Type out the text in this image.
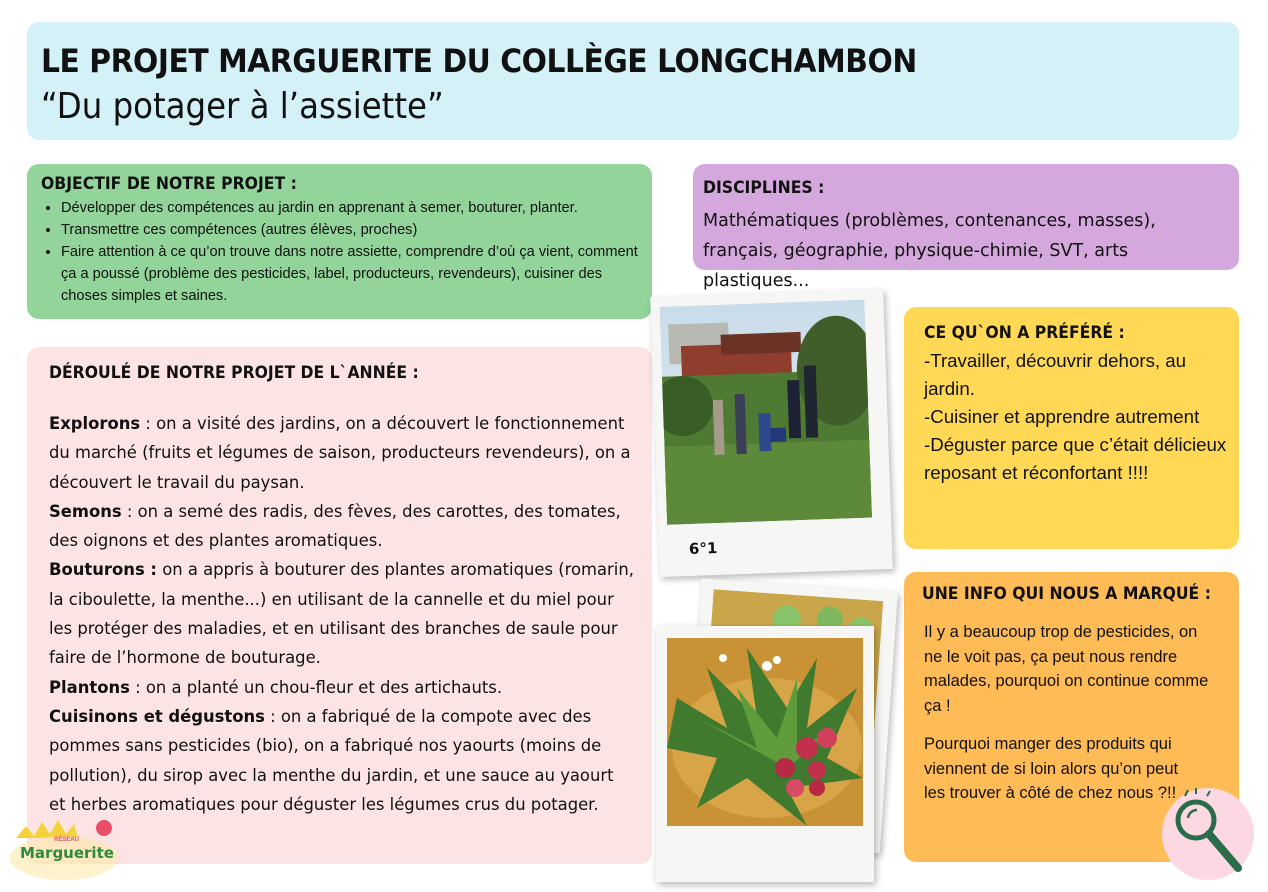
LE PROJET MARGUERITE DU COLLÈGE LONGCHAMBON
“Du potager à l’assiette”
OBJECTIF DE NOTRE PROJET :
• Développer des compétences au jardin en apprenant à semer, bouturer, planter.
• Transmettre ces compétences (autres élèves, proches)
• Faire attention à ce qu’on trouve dans notre assiette, comprendre d’où ça vient, comment ça a poussé (problème des pesticides, label, producteurs, revendeurs), cuisiner des choses simples et saines.
DISCIPLINES :
Mathématiques (problèmes, contenances, masses), français, géographie, physique-chimie, SVT, arts plastiques...
DÉROULÉ DE NOTRE PROJET DE L`ANNÉE :

Explorons : on a visité des jardins, on a découvert le fonctionnement du marché (fruits et légumes de saison, producteurs revendeurs), on a découvert le travail du paysan.

Semons : on a semé des radis, des fèves, des carottes, des tomates, des oignons et des plantes aromatiques.

Bouturons : on a appris à bouturer des plantes aromatiques (romarin, la ciboulette, la menthe...) en utilisant de la cannelle et du miel pour les protéger des maladies, et en utilisant des branches de saule pour faire de l’hormone de bouturage.

Plantons : on a planté un chou-fleur et des artichauts.

Cuisinons et dégustons : on a fabriqué de la compote avec des pommes sans pesticides (bio), on a fabriqué nos yaourts (moins de pollution), du sirop avec la menthe du jardin, et une sauce au yaourt et herbes aromatiques pour déguster les légumes crus du potager.

CE QU`ON A PRÉFÉRÉ :
-Travailler, découvrir dehors, au jardin.
-Cuisiner et apprendre autrement
-Déguster parce que c’était délicieux reposant et réconfortant !!!!
UNE INFO QUI NOUS A MARQUÉ :

Il y a beaucoup trop de pesticides, on ne le voit pas, ça peut nous rendre malades, pourquoi on continue comme ça !

Pourquoi manger des produits qui viennent de si loin alors qu’on peut les trouver à côté de chez nous ?!!

6°1
RÉSEAU
Marguerite
